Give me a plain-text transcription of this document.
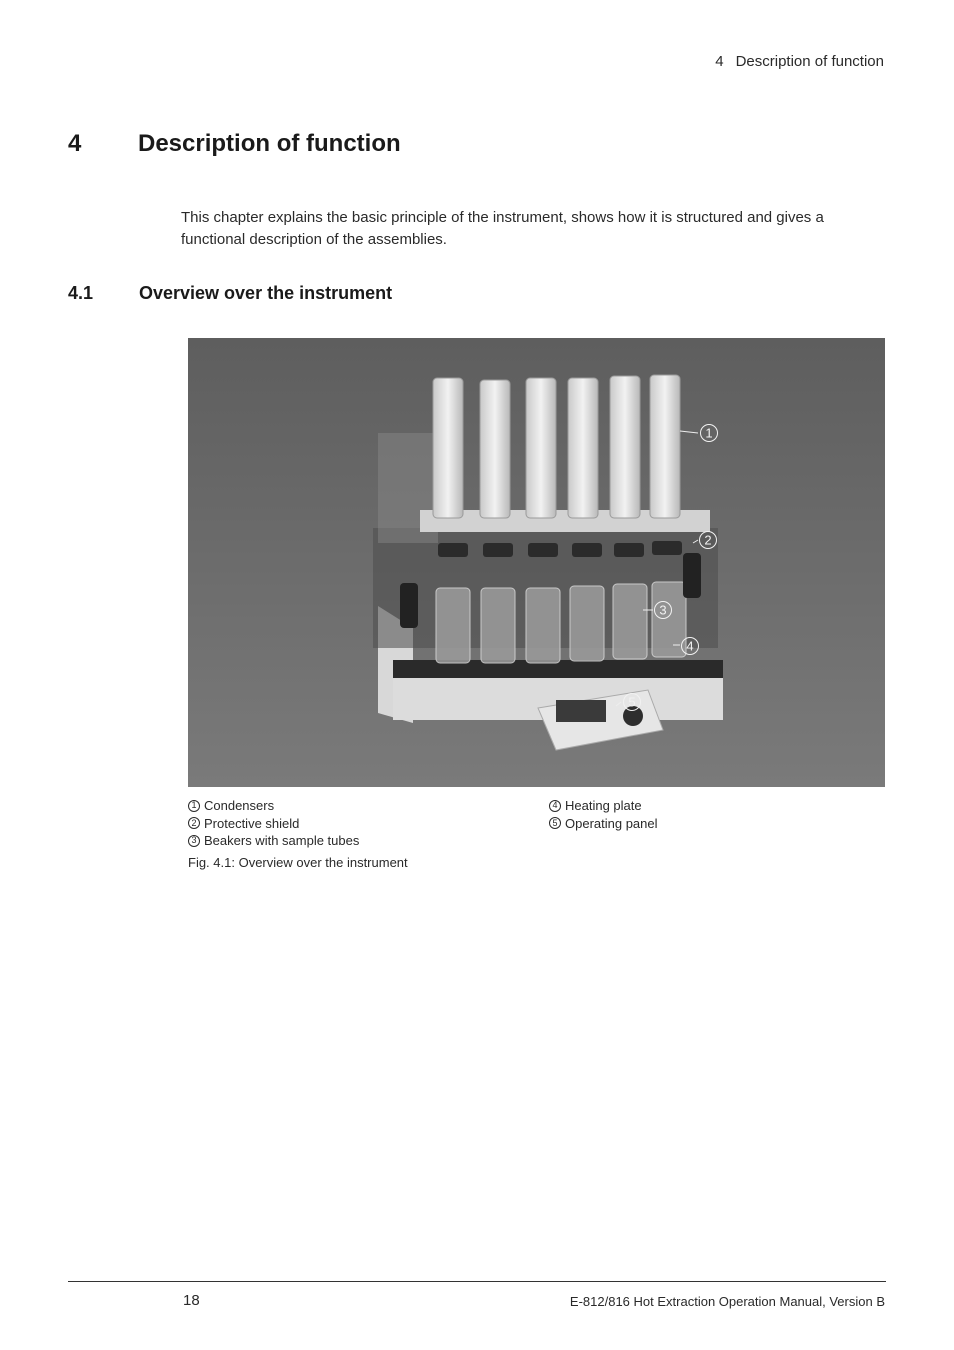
4 Description of function
4 Description of function

This chapter explains the basic principle of the instrument, shows how it is structured and gives a functional description of the assemblies.

4.1	Overview over the instrument
1
2
3
4
5
1 Condensers
2 Protective shield
3 Beakers with sample tubes
4 Heating plate
5 Operating panel
Fig. 4.1: Overview over the instrument
18	E-812/816 Hot Extraction Operation Manual, Version B
